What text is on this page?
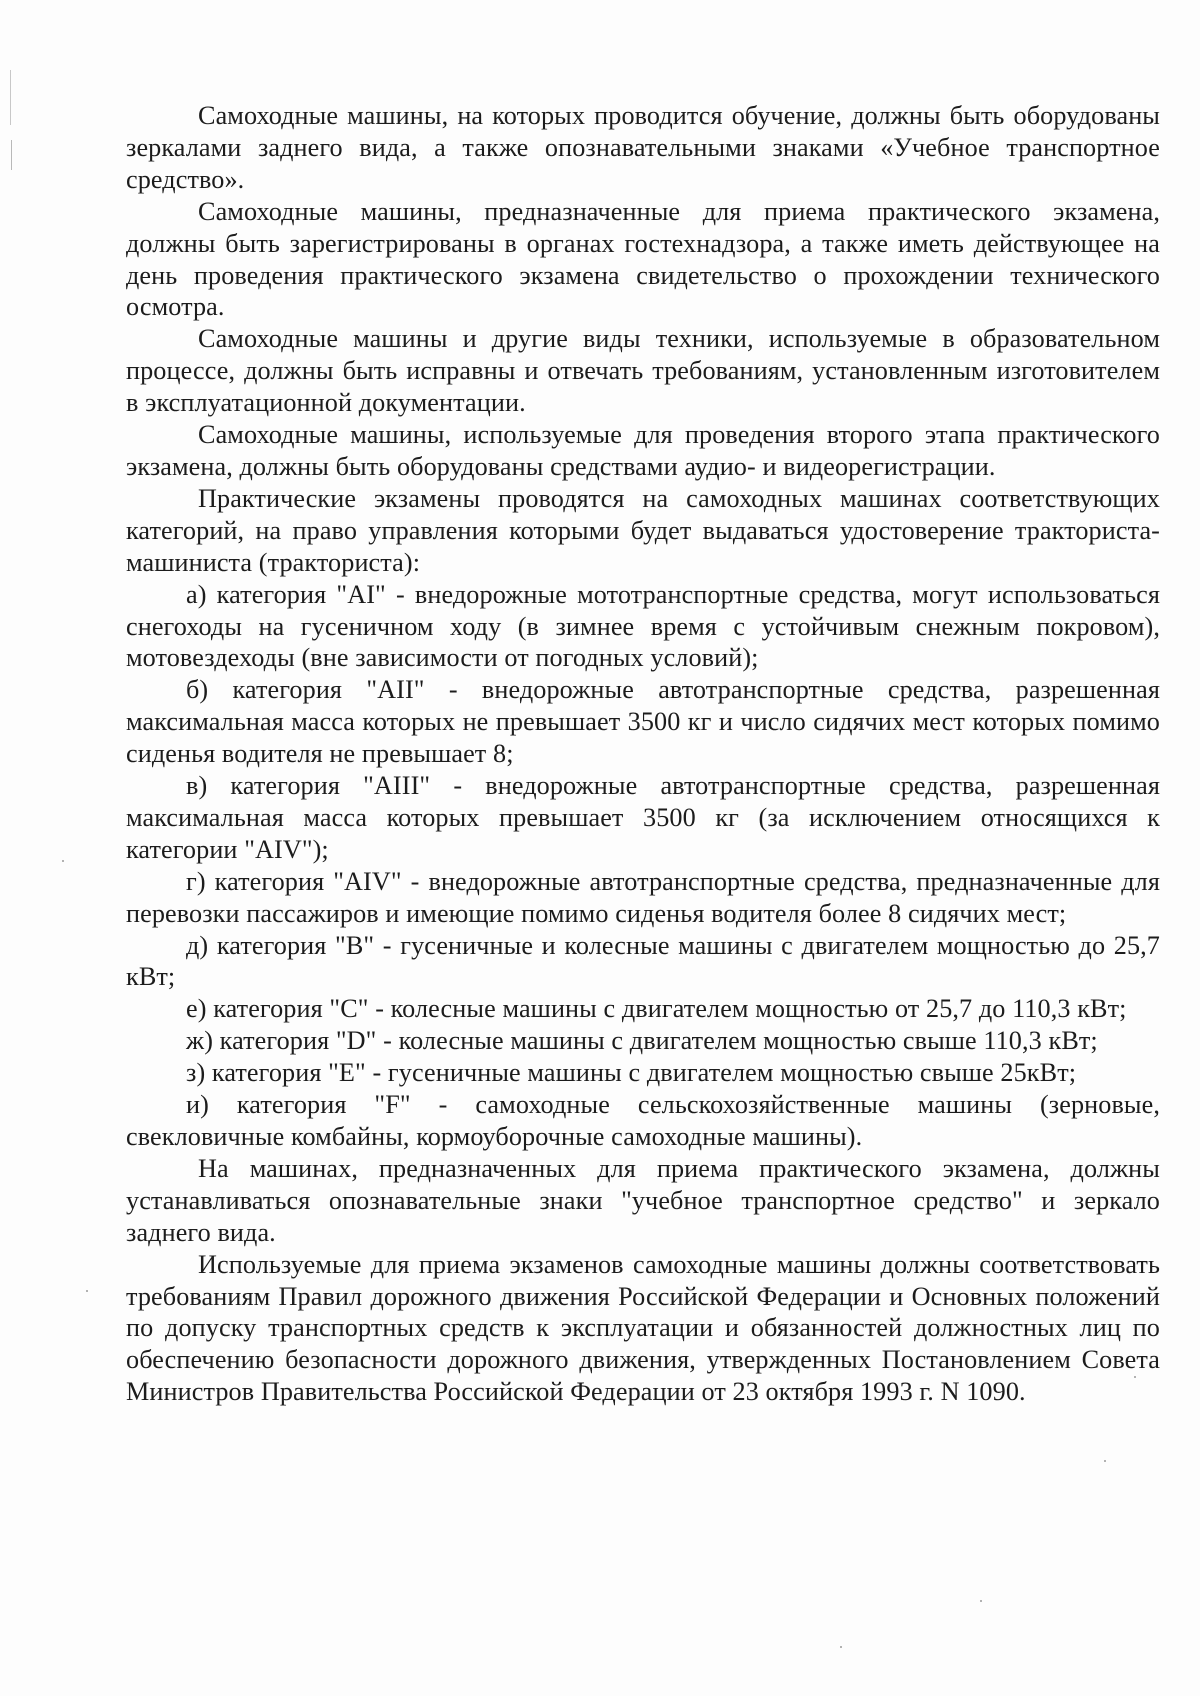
Самоходные машины, на которых проводится обучение, должны быть оборудованы зеркалами заднего вида, а также опознавательными знаками «Учебное транспортное средство».

Самоходные машины, предназначенные для приема практического экзамена, должны быть зарегистрированы в органах гостехнадзора, а также иметь действующее на день проведения практического экзамена свидетельство о прохождении технического осмотра.

Самоходные машины и другие виды техники, используемые в образовательном процессе, должны быть исправны и отвечать требованиям, установленным изготовителем в эксплуатационной документации.

Самоходные машины, используемые для проведения второго этапа практического экзамена, должны быть оборудованы средствами аудио- и видеорегистрации.

Практические экзамены проводятся на самоходных машинах соответствующих категорий, на право управления которыми будет выдаваться удостоверение тракториста-машиниста (тракториста):

а) категория "AI" - внедорожные мототранспортные средства, могут использоваться снегоходы на гусеничном ходу (в зимнее время с устойчивым снежным покровом), мотовездеходы (вне зависимости от погодных условий);

б) категория "AII" - внедорожные автотранспортные средства, разрешенная максимальная масса которых не превышает 3500 кг и число сидячих мест которых помимо сиденья водителя не превышает 8;

в) категория "AIII" - внедорожные автотранспортные средства, разрешенная максимальная масса которых превышает 3500 кг (за исключением относящихся к категории "AIV");

г) категория "AIV" - внедорожные автотранспортные средства, предназначенные для перевозки пассажиров и имеющие помимо сиденья водителя более 8 сидячих мест;

д) категория "B" - гусеничные и колесные машины с двигателем мощностью до 25,7 кВт;

е) категория "C" - колесные машины с двигателем мощностью от 25,7 до 110,3 кВт;

ж) категория "D" - колесные машины с двигателем мощностью свыше 110,3 кВт;

з) категория "E" - гусеничные машины с двигателем мощностью свыше 25кВт;

и) категория "F" - самоходные сельскохозяйственные машины (зерновые, свекловичные комбайны, кормоуборочные самоходные машины).

На машинах, предназначенных для приема практического экзамена, должны устанавливаться опознавательные знаки "учебное транспортное средство" и зеркало заднего вида.

Используемые для приема экзаменов самоходные машины должны соответствовать требованиям Правил дорожного движения Российской Федерации и Основных положений по допуску транспортных средств к эксплуатации и обязанностей должностных лиц по обеспечению безопасности дорожного движения, утвержденных Постановлением Совета Министров Правительства Российской Федерации от 23 октября 1993 г. N 1090.
